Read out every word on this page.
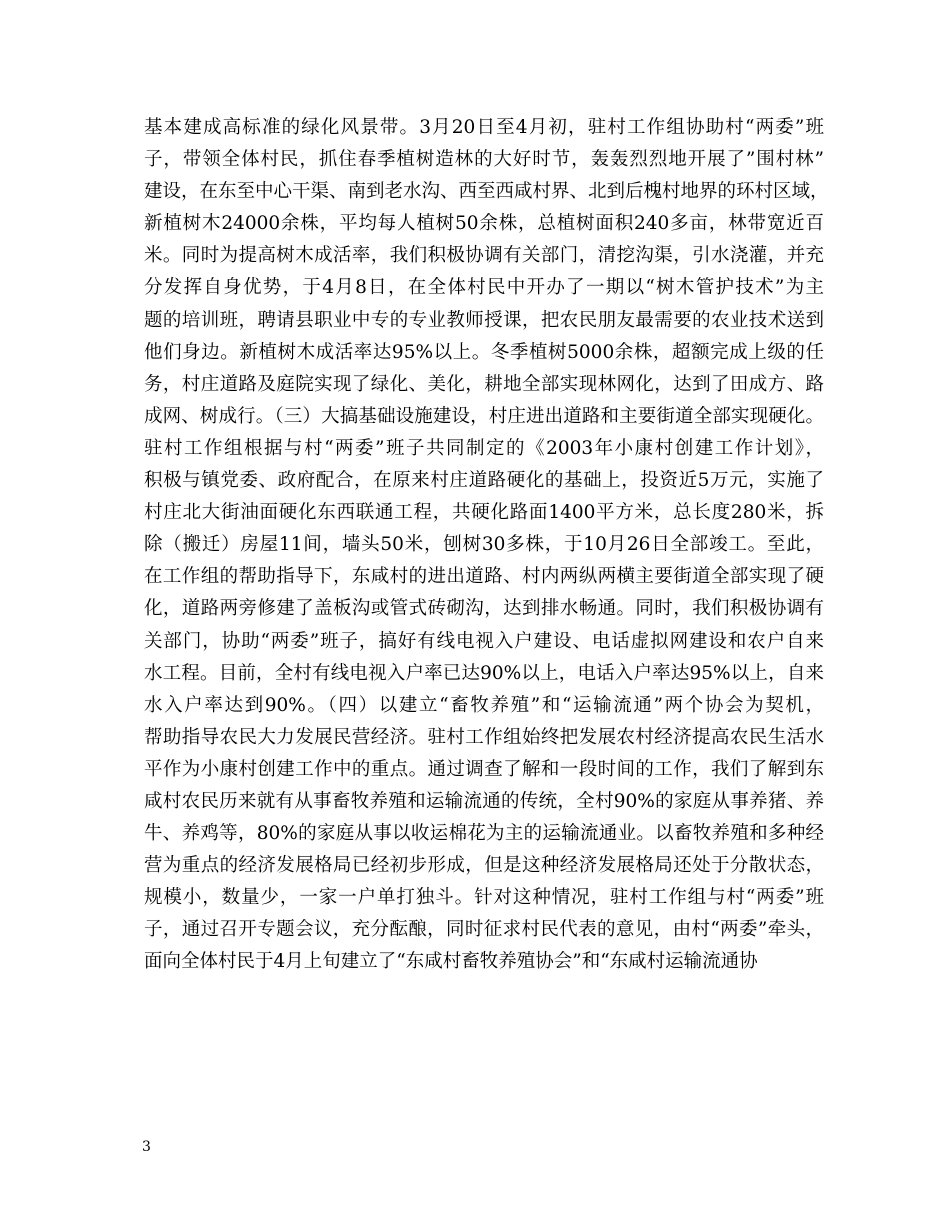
基本建成高标准的绿化风景带。3月20日至4月初，驻村工作组协助村“两委”班
子，带领全体村民，抓住春季植树造林的大好时节，轰轰烈烈地开展了”围村林”
建设，在东至中心干渠、南到老水沟、西至西咸村界、北到后槐村地界的环村区域，
新植树木24000余株，平均每人植树50余株，总植树面积240多亩，林带宽近百
米。同时为提高树木成活率，我们积极协调有关部门，清挖沟渠，引水浇灌，并充
分发挥自身优势，于4月8日，在全体村民中开办了一期以“树木管护技术”为主
题的培训班，聘请县职业中专的专业教师授课，把农民朋友最需要的农业技术送到
他们身边。新植树木成活率达95%以上。冬季植树5000余株，超额完成上级的任
务，村庄道路及庭院实现了绿化、美化，耕地全部实现林网化，达到了田成方、路
成网、树成行。（三）大搞基础设施建设，村庄进出道路和主要街道全部实现硬化。
驻村工作组根据与村“两委”班子共同制定的《2003年小康村创建工作计划》，
积极与镇党委、政府配合，在原来村庄道路硬化的基础上，投资近5万元，实施了
村庄北大街油面硬化东西联通工程，共硬化路面1400平方米，总长度280米，拆
除（搬迁）房屋11间，墙头50米，刨树30多株，于10月26日全部竣工。至此，
在工作组的帮助指导下，东咸村的进出道路、村内两纵两横主要街道全部实现了硬
化，道路两旁修建了盖板沟或管式砖砌沟，达到排水畅通。同时，我们积极协调有
关部门，协助“两委”班子，搞好有线电视入户建设、电话虚拟网建设和农户自来
水工程。目前，全村有线电视入户率已达90%以上，电话入户率达95%以上，自来
水入户率达到90%。（四）以建立“畜牧养殖”和“运输流通”两个协会为契机，
帮助指导农民大力发展民营经济。驻村工作组始终把发展农村经济提高农民生活水
平作为小康村创建工作中的重点。通过调查了解和一段时间的工作，我们了解到东
咸村农民历来就有从事畜牧养殖和运输流通的传统，全村90%的家庭从事养猪、养
牛、养鸡等，80%的家庭从事以收运棉花为主的运输流通业。以畜牧养殖和多种经
营为重点的经济发展格局已经初步形成，但是这种经济发展格局还处于分散状态，
规模小，数量少，一家一户单打独斗。针对这种情况，驻村工作组与村“两委”班
子，通过召开专题会议，充分酝酿，同时征求村民代表的意见，由村“两委”牵头，
面向全体村民于4月上旬建立了“东咸村畜牧养殖协会”和“东咸村运输流通协
3
